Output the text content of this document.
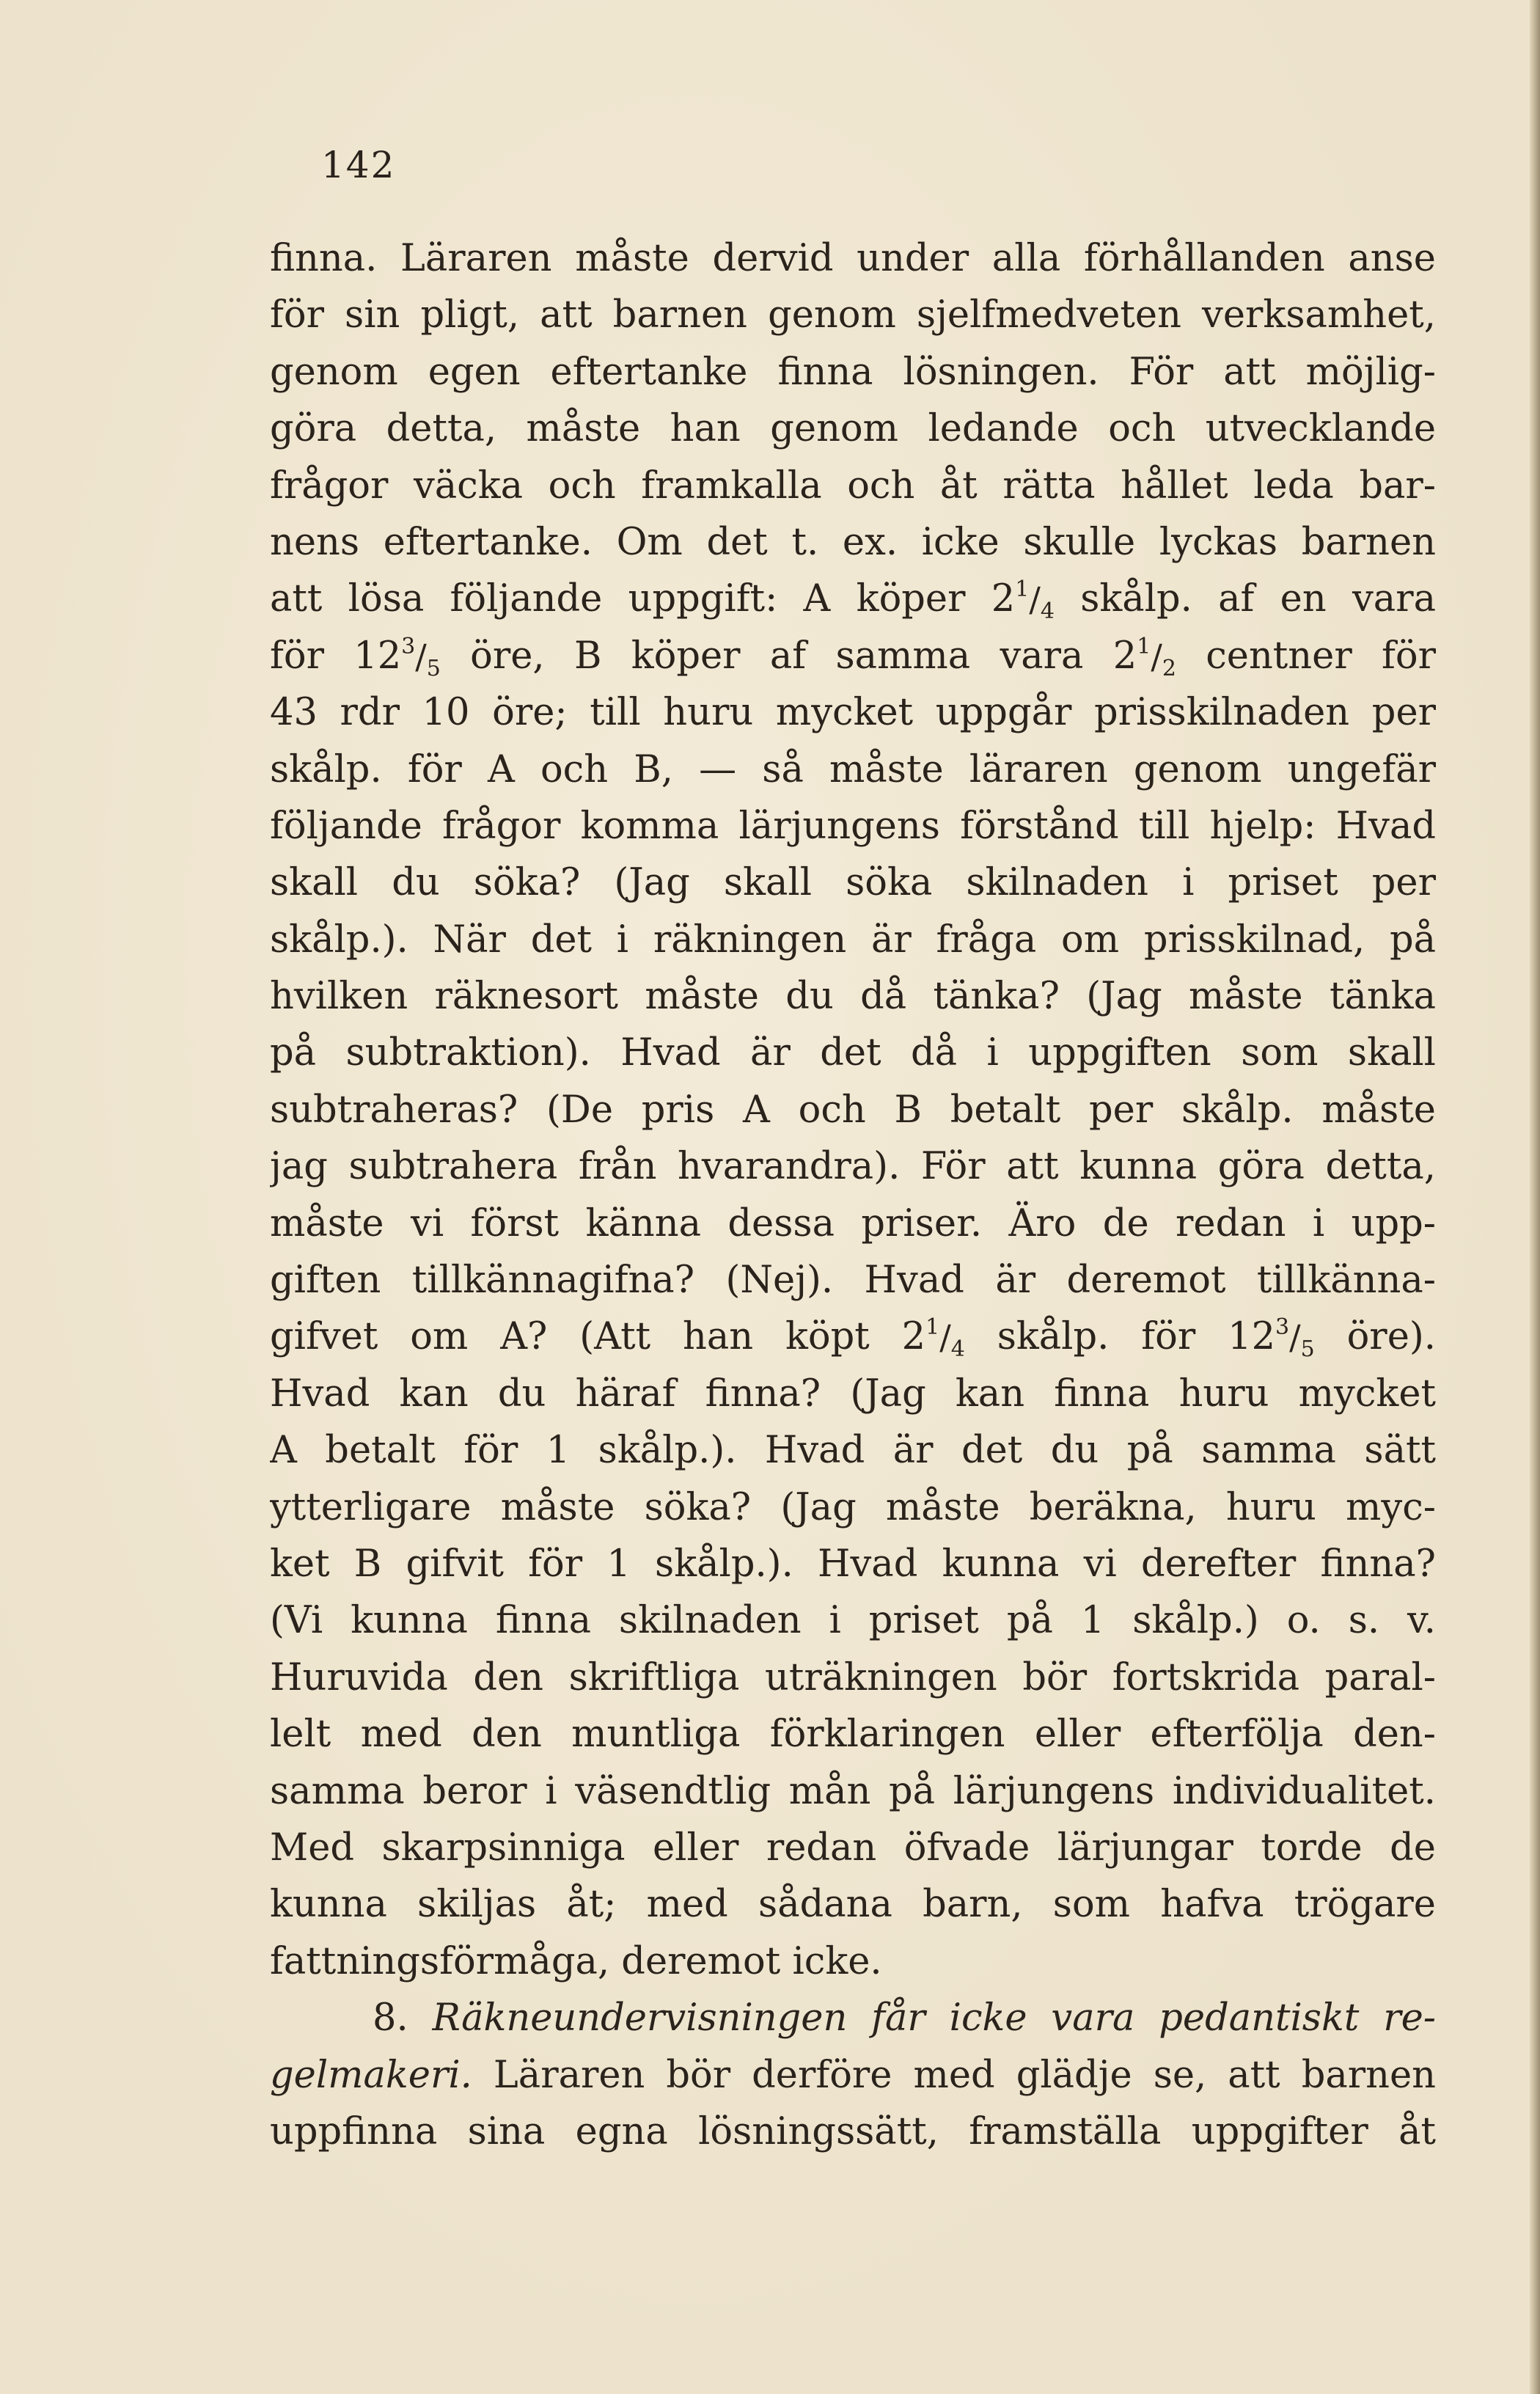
142
finna. Läraren måste dervid under alla förhållanden anse
för sin pligt, att barnen genom sjelfmedveten verksamhet,
genom egen eftertanke finna lösningen. För att möjlig-
göra detta, måste han genom ledande och utvecklande
frågor väcka och framkalla och åt rätta hållet leda bar-
nens eftertanke. Om det t. ex. icke skulle lyckas barnen
att lösa följande uppgift: A köper $2^1/_4$ skålp. af en vara
för $12^3/_5$ öre, B köper af samma vara $2^1/_2$ centner för
43 rdr 10 öre; till huru mycket uppgår prisskilnaden per
skålp. för A och B, — så måste läraren genom ungefär
följande frågor komma lärjungens förstånd till hjelp: Hvad
skall du söka? (Jag skall söka skilnaden i priset per
skålp.). När det i räkningen är fråga om prisskilnad, på
hvilken räknesort måste du då tänka? (Jag måste tänka
på subtraktion). Hvad är det då i uppgiften som skall
subtraheras? (De pris A och B betalt per skålp. måste
jag subtrahera från hvarandra). För att kunna göra detta,
måste vi först känna dessa priser. Äro de redan i upp-
giften tillkännagifna? (Nej). Hvad är deremot tillkänna-
gifvet om A? (Att han köpt $2^1/_4$ skålp. för $12^3/_5$ öre).
Hvad kan du häraf finna? (Jag kan finna huru mycket
A betalt för 1 skålp.). Hvad är det du på samma sätt
ytterligare måste söka? (Jag måste beräkna, huru myc-
ket B gifvit för 1 skålp.). Hvad kunna vi derefter finna?
(Vi kunna finna skilnaden i priset på 1 skålp.) o. s. v.
Huruvida den skriftliga uträkningen bör fortskrida paral-
lelt med den muntliga förklaringen eller efterfölja den-
samma beror i väsendtlig mån på lärjungens individualitet.
Med skarpsinniga eller redan öfvade lärjungar torde de
kunna skiljas åt; med sådana barn, som hafva trögare
fattningsförmåga, deremot icke.
8. Räkneundervisningen får icke vara pedantiskt re-
gelmakeri. Läraren bör derföre med glädje se, att barnen
uppfinna sina egna lösningssätt, framställa uppgifter åt
